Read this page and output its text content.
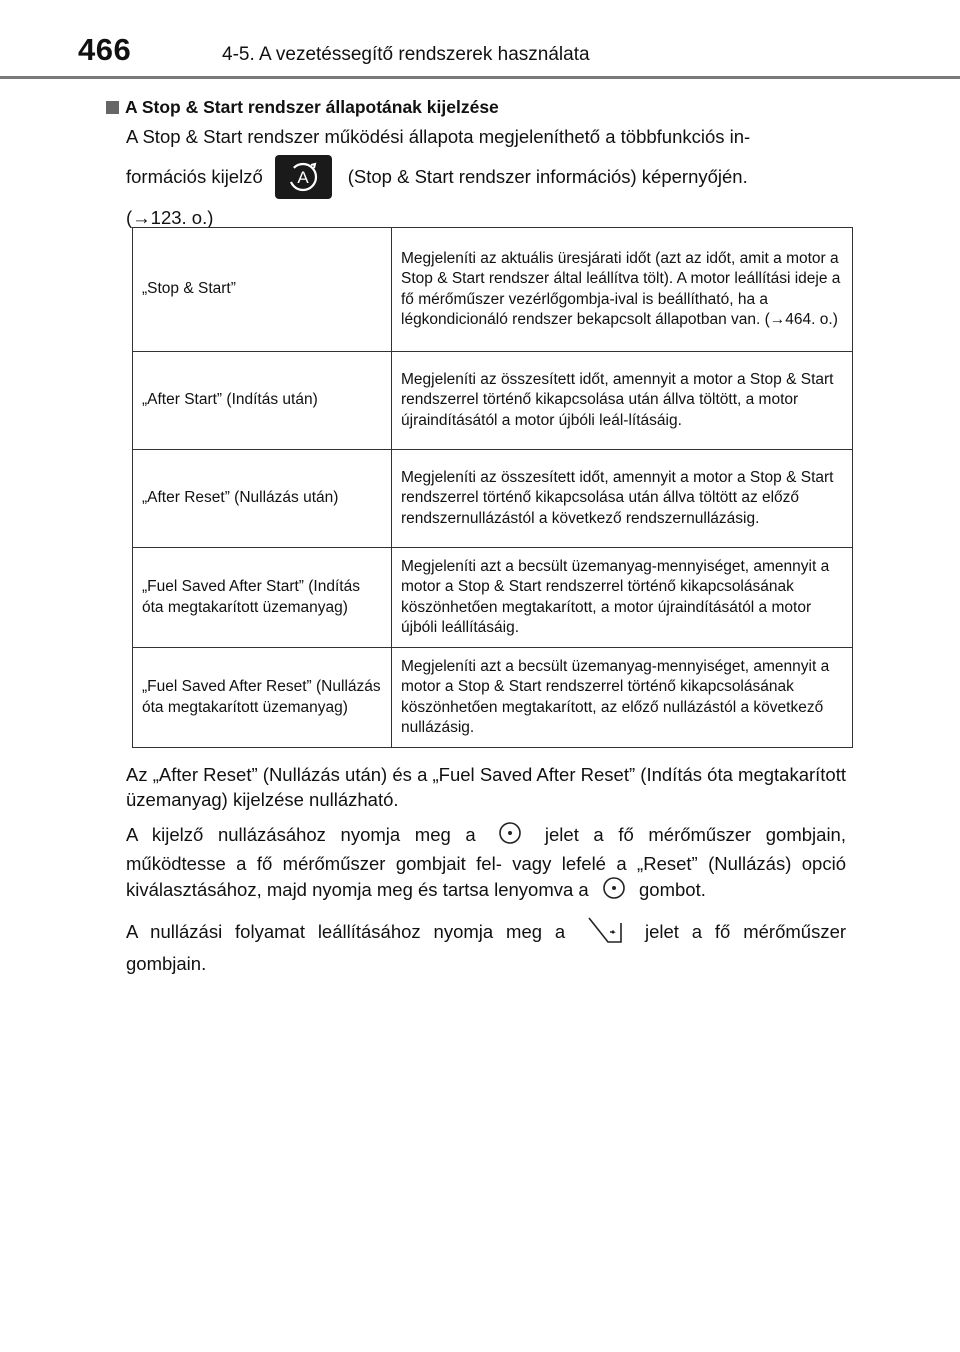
466	4-5. A vezetéssegítő rendszerek használata
A Stop & Start rendszer állapotának kijelzése
A Stop & Start rendszer működési állapota megjeleníthető a többfunkciós in-
formációs kijelző A (Stop & Start rendszer információs) képernyőjén.
(→123. o.)
„Stop & Start”	Megjeleníti az aktuális üresjárati időt (azt az időt, amit a motor a Stop & Start rendszer által leállítva tölt). A motor leállítási ideje a fő mérőműszer vezérlőgombja-ival is beállítható, ha a légkondicionáló rendszer bekapcsolt állapotban van. (→464. o.)
„After Start” (Indítás után)	Megjeleníti az összesített időt, amennyit a motor a Stop & Start rendszerrel történő kikapcsolása után állva töltött, a motor újraindításától a motor újbóli leál-lításáig.
„After Reset” (Nullázás után)	Megjeleníti az összesített időt, amennyit a motor a Stop & Start rendszerrel történő kikapcsolása után állva töltött az előző rendszernullázástól a következő rendszernullázásig.
„Fuel Saved After Start” (Indítás óta megtakarított üzemanyag)	Megjeleníti azt a becsült üzemanyag-mennyiséget, amennyit a motor a Stop & Start rendszerrel történő kikapcsolásának köszönhetően megtakarított, a motor újraindításától a motor újbóli leállításáig.
„Fuel Saved After Reset” (Nullázás óta megtakarított üzemanyag)	Megjeleníti azt a becsült üzemanyag-mennyiséget, amennyit a motor a Stop & Start rendszerrel történő kikapcsolásának köszönhetően megtakarított, az előző nullázástól a következő nullázásig.
Az „After Reset” (Nullázás után) és a „Fuel Saved After Reset” (Indítás óta megtakarított üzemanyag) kijelzése nullázható.
A kijelző nullázásához nyomja meg a	jelet a fő mérőműszer gombjain, működtesse a fő mérőműszer gombjait fel- vagy lefelé a „Reset” (Nullázás) opció kiválasztásához, majd nyomja meg és tartsa lenyomva a	gombot.
A nullázási folyamat leállításához nyomja meg a	jelet a fő mérőműszer gombjain.
